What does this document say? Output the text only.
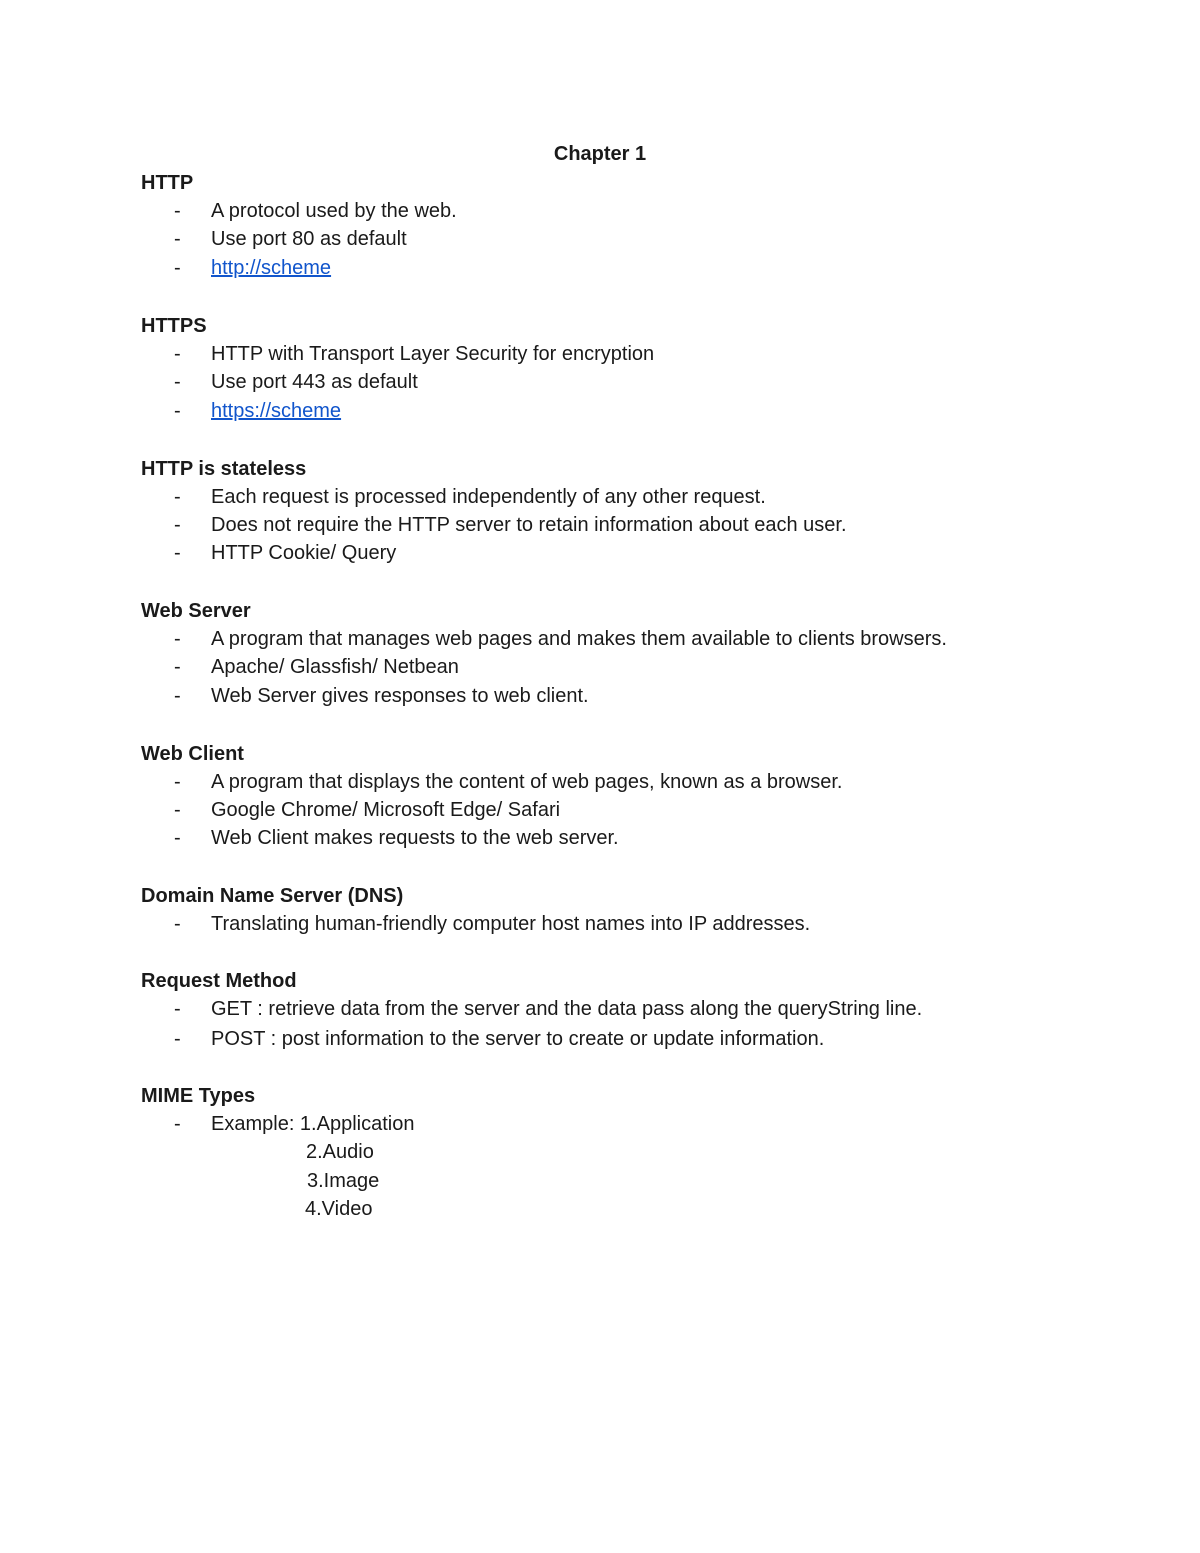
Chapter 1
HTTP
- A protocol used by the web.
- Use port 80 as default
- http://scheme
HTTPS
- HTTP with Transport Layer Security for encryption
- Use port 443 as default
- https://scheme
HTTP is stateless
- Each request is processed independently of any other request.
- Does not require the HTTP server to retain information about each user.
- HTTP Cookie/ Query
Web Server
- A program that manages web pages and makes them available to clients browsers.
- Apache/ Glassfish/ Netbean
- Web Server gives responses to web client.
Web Client
- A program that displays the content of web pages, known as a browser.
- Google Chrome/ Microsoft Edge/ Safari
- Web Client makes requests to the web server.
Domain Name Server (DNS)
- Translating human-friendly computer host names into IP addresses.
Request Method
- GET : retrieve data from the server and the data pass along the queryString line.
- POST : post information to the server to create or update information.
MIME Types
- Example: 1.Application
2.Audio
3.Image
4.Video
